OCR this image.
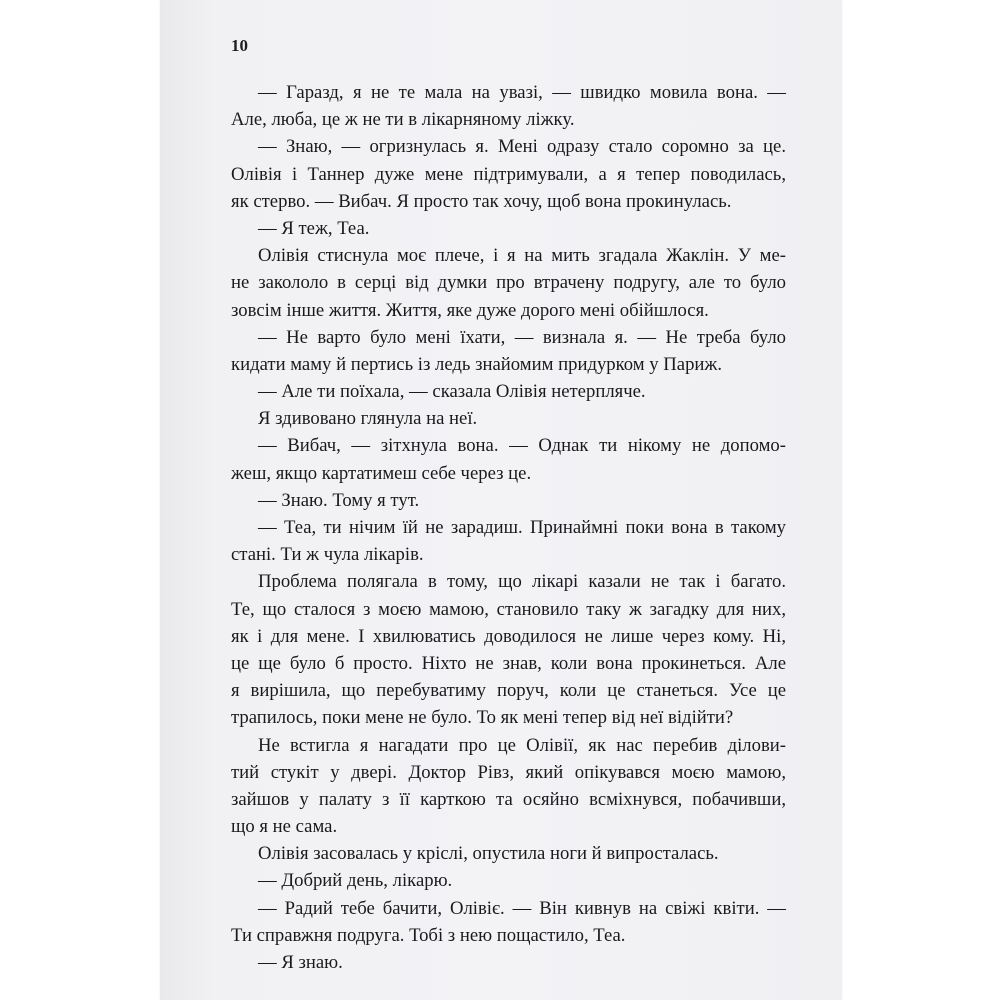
10
— Гаразд, я не те мала на увазі, — швидко мовила вона. —
Але, люба, це ж не ти в лікарняному ліжку.
— Знаю, — огризнулась я. Мені одразу стало соромно за це.
Олівія і Таннер дуже мене підтримували, а я тепер поводилась,
як стерво. — Вибач. Я просто так хочу, щоб вона прокинулась.
— Я теж, Теа.
Олівія стиснула моє плече, і я на мить згадала Жаклін. У ме-
не закололо в серці від думки про втрачену подругу, але то було
зовсім інше життя. Життя, яке дуже дорого мені обійшлося.
— Не варто було мені їхати, — визнала я. — Не треба було
кидати маму й пертись із ледь знайомим придурком у Париж.
— Але ти поїхала, — сказала Олівія нетерпляче.
Я здивовано глянула на неї.
— Вибач, — зітхнула вона. — Однак ти нікому не допомо-
жеш, якщо картатимеш себе через це.
— Знаю. Тому я тут.
— Теа, ти нічим їй не зарадиш. Принаймні поки вона в такому
стані. Ти ж чула лікарів.
Проблема полягала в тому, що лікарі казали не так і багато.
Те, що сталося з моєю мамою, становило таку ж загадку для них,
як і для мене. І хвилюватись доводилося не лише через кому. Ні,
це ще було б просто. Ніхто не знав, коли вона прокинеться. Але
я вирішила, що перебуватиму поруч, коли це станеться. Усе це
трапилось, поки мене не було. То як мені тепер від неї відійти?
Не встигла я нагадати про це Олівії, як нас перебив ділови-
тий стукіт у двері. Доктор Рівз, який опікувався моєю мамою,
зайшов у палату з її карткою та осяйно всміхнувся, побачивши,
що я не сама.
Олівія засовалась у кріслі, опустила ноги й випросталась.
— Добрий день, лікарю.
— Радий тебе бачити, Олівіє. — Він кивнув на свіжі квіти. —
Ти справжня подруга. Тобі з нею пощастило, Теа.
— Я знаю.
